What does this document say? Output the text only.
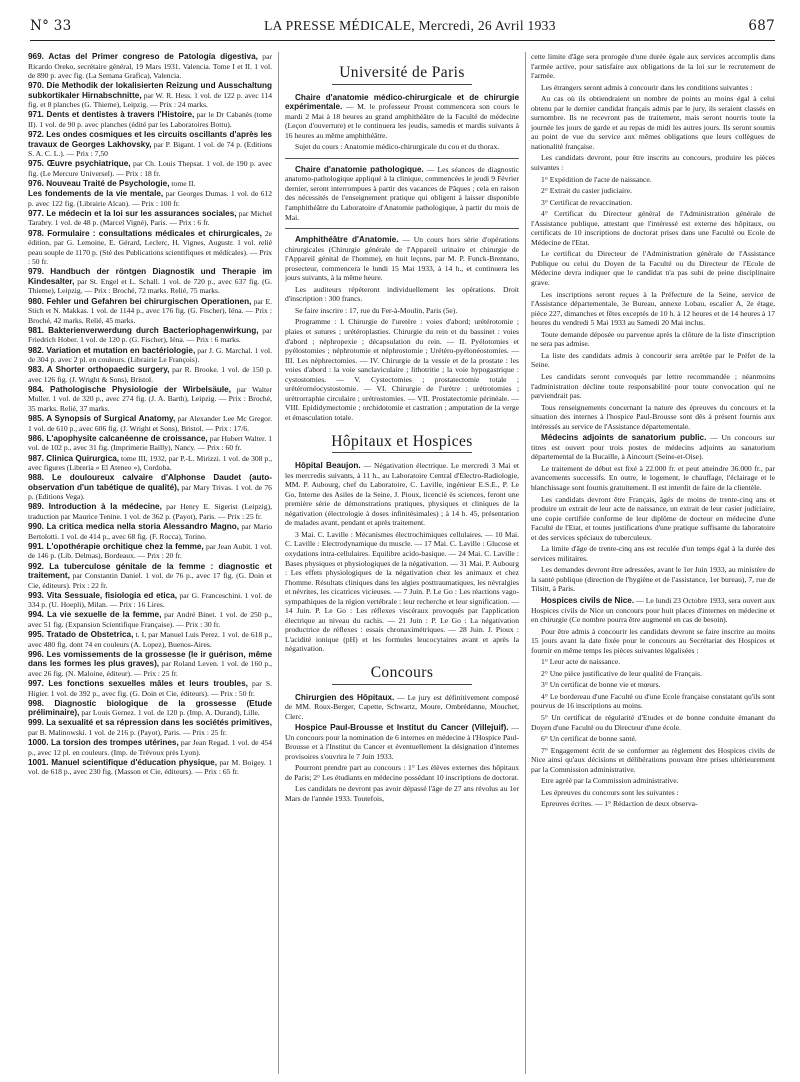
N° 33	LA PRESSE MÉDICALE, Mercredi, 26 Avril 1933	687
969. Actas del Primer congreso de Patología digestiva, par Ricardo Oreko, secrétaire général, 19 Mars 1931. Valencia. Tome I et II. 1 vol. de 890 p. avec fig. (La Semana Grafica), Valencia.
970. Die Methodik der lokalisierten Reizung und Ausschaltung subkortikaler Hirnabschnitte, par W. R. Hess. 1 vol. de 122 p. avec 114 fig. et 8 planches (G. Thieme), Leipzig. — Prix : 24 marks.
971. Dents et dentistes à travers l'Histoire, par le Dr Cabanès (tome II). 1 vol. de 90 p. avec planches (édité par les Laboratoires Bottu).
972. Les ondes cosmiques et les circuits oscillants d'après les travaux de Georges Lakhovsky, par P. Bigant. 1 vol. de 74 p. (Editions S. A. C. L.). — Prix : 7,50
975. Œuvre psychiatrique, par Ch. Louis Thepsat. 1 vol. de 190 p. avec fig. (Le Mercure Universel). — Prix : 18 fr.
976. Nouveau Traité de Psychologie, tome II.
Les fondements de la vie mentale, par Georges Dumas. 1 vol. de 612 p. avec 122 fig. (Librairie Alcan). — Prix : 100 fr.
977. Le médecin et la loi sur les assurances sociales, par Michel Tarabry. 1 vol. de 48 p. (Marcel Vigné), Paris. — Prix : 6 fr.
978. Formulaire : consultations médicales et chirurgicales, 2e édition, par G. Lemoine, E. Gérard, Leclerc, H. Vignes, Augustr. 1 vol. relié peau souple de 1170 p. (Sté des Publications scientifiques et médicales). — Prix : 50 fr.
979. Handbuch der röntgen Diagnostik und Therapie im Kindesalter, par St. Engel et L. Schall. 1 vol. de 720 p., avec 637 fig. (G. Thieme), Leipzig. — Prix : Broché, 72 marks. Relié, 75 marks.
980. Fehler und Gefahren bei chirurgischen Operationen, par E. Stich et N. Makkas. 1 vol. de 1144 p., avec 176 fig. (G. Fischer), Iéna. — Prix : Broché, 42 marks. Relié, 45 marks.
981. Bakterienverwerdung durch Bacteriophagenwirkung, par Friedrich Hober. 1 vol. de 120 p. (G. Fischer), Iéna. — Prix : 6 marks.
982. Variation et mutation en bactériologie, par J. G. Marchal. 1 vol. de 304 p. avec 2 pl. en couleurs. (Librairie Le François).
983. A Shorter orthopaedic surgery, par R. Brooke. 1 vol. de 150 p. avec 126 fig. (J. Wright & Sons), Bristol.
984. Pathologische Physiologie der Wirbelsäule, par Walter Muller. 1 vol. de 320 p., avec 274 fig. (J. A. Barth), Leipzig. — Prix : Broché, 35 marks. Relié, 37 marks.
985. A Synopsis of Surgical Anatomy, par Alexander Lee Mc Gregor. 1 vol. de 610 p., avec 606 fig. (J. Wright et Sons), Bristol. — Prix : 17/6.
986. L'apophysite calcanéenne de croissance, par Hubert Walter. 1 vol. de 102 p., avec 31 fig. (Imprimerie Bailly), Nancy. — Prix : 60 fr.
987. Clinica Quirurgica, tome III, 1932, par P.-L. Mirizzi. 1 vol. de 308 p., avec figures (Librería « El Ateneo »), Cordoba.
988. Le douloureux calvaire d'Alphonse Daudet (auto-observation d'un tabétique de qualité), par Mary Trivas. 1 vol. de 76 p. (Editions Vega).
989. Introduction à la médecine, par Henry E. Sigerist (Leipzig), traduction par Maurice Tenine. 1 vol. de 362 p. (Payot), Paris. — Prix : 25 fr.
990. La critica medica nella storia Alessandro Magno, par Mario Bertolotti. 1 vol. de 414 p., avec 68 fig. (F. Rocca), Torino.
991. L'opothérapie orchitique chez la femme, par Jean Aubit. 1 vol. de 146 p. (Lib. Delmas), Bordeaux. — Prix : 20 fr.
992. La tuberculose génitale de la femme : diagnostic et traitement, par Constantin Daniel. 1 vol. de 76 p., avec 17 fig. (G. Doin et Cie, éditeurs). Prix : 22 fr.
993. Vita Sessuale, fisiologia ed etica, par G. Franceschini. 1 vol. de 334 p. (U. Hoepli), Milan. — Prix : 16 Lires.
994. La vie sexuelle de la femme, par André Binet. 1 vol. de 250 p., avec 51 fig. (Expansion Scientifique Française). — Prix : 30 fr.
995. Tratado de Obstetrica, t. I, par Manuel Luis Perez. 1 vol. de 618 p., avec 480 fig. dont 74 en couleurs (A. Lopez), Buenos-Aires.
996. Les vomissements de la grossesse (le ir guérison, même dans les formes les plus graves), par Roland Leven. 1 vol. de 160 p., avec 26 fig. (N. Maloine, éditeur). — Prix : 25 fr.
997. Les fonctions sexuelles mâles et leurs troubles, par S. Higier. 1 vol. de 392 p., avec fig. (G. Doin et Cie, éditeurs). — Prix : 50 fr.
998. Diagnostic biologique de la grossesse (Etude préliminaire), par Louis Gernez. 1 vol. de 120 p. (Imp. A. Durand), Lille.
999. La sexualité et sa répression dans les sociétés primitives, par B. Malinowski. 1 vol. de 216 p. (Payot), Paris. — Prix : 25 fr.
1000. La torsion des trompes utérines, par Jean Regad. 1 vol. de 454 p., avec 12 pl. en couleurs. (Imp. de Trévoux près Lyon).
1001. Manuel scientifique d'éducation physique, par M. Boigey. 1 vol. de 618 p., avec 230 fig. (Masson et Cie, éditeurs). — Prix : 65 fr.
Université de Paris
Chaire d'anatomie médico-chirurgicale et de chirurgie expérimentale. — M. le professeur Proust commencera son cours le mardi 2 Mai à 18 heures au grand amphithéâtre de la Faculté de médecine (Leçon d'ouverture) et le continuera les jeudis, samedis et mardis suivants à 16 heures au même amphithéâtre.
Sujet du cours : Anatomie médico-chirurgicale du cou et du thorax.
Chaire d'anatomie pathologique. — Les séances de diagnostic anatomo-pathologique appliqué à la clinique, commencées le jeudi 9 Février dernier, seront interrompues à partir des vacances de Pâques ; cela en raison des nécessités de l'enseignement pratique qui obligent à laisser disponible l'amphithéâtre du Laboratoire d'Anatomie pathologique, à partir du mois de Mai.
Amphithéâtre d'Anatomie. — Un cours hors série d'opérations chirurgicales (Chirurgie générale de l'Appareil urinaire et chirurgie de l'Appareil génital de l'homme), en huit leçons, par M. P. Funck-Brentano, prosecteur, commencera le lundi 15 Mai 1933, à 14 h., et continuera les jours suivants, à la même heure.
Les auditeurs répéteront individuellement les opérations. Droit d'inscription : 300 francs.
Se faire inscrire : 17, rue du Fer-à-Moulin, Paris (5e).
Programme : I. Chirurgie de l'uretère : voies d'abord; urétérotomie ; plaies et sutures ; urétéroplasties. Chirurgie du rein et du bassinet : voies d'abord ; néphropexie ; décapsulation du rein. — II. Pyélotomies et pyélostomies ; néphrotomie et néphrostomie ; Urétéro-pyélonéostomies. — III. Les néphrectomies. — IV. Chirurgie de la vessie et de la prostate : les voies d'abord : la voie sanclaviculaire ; lithotritie ; la voie hypogastrique : cystostomies. — V. Cystectomies ; prostatectomie totale ; urétérornéocystostomie. — VI. Chirurgie de l'urètre : urétrotomies ; urétrorraphie circulaire ; urétrostomies. — VII. Prostatectomie périnéale. — VIII. Epididymectomie ; orchidotomie et castration ; amputation de la verge et émasculation totale.
Hôpitaux et Hospices
Hôpital Beaujon. — Négativation électrique. Le mercredi 3 Mai et les mercredis suivants, à 11 h., au Laboratoire Central d'Electro-Radiologie, MM. P. Aubourg, chef du Laboratoire, C. Laville, ingénieur E.S.E., P. Le Go, Interne des Asiles de la Seine, J. Pioux, licencié ès sciences, feront une première série de démonstrations pratiques, physiques et cliniques de la négativation (électrologie à doses infinitésimales) ; à 14 h. 45, présentation de malades avant, pendant et après traitement.
3 Mai. C. Laville : Mécanismes électrochimiques cellulaires. — 10 Mai. C. Laville : Electrodynamique du muscle. — 17 Mai. C. Laville : Glucose et oxydations intra-cellulaires. Equilibre acido-basique. — 24 Mai. C. Laville : Bases physiques et physiologiques de la négativation. — 31 Mai. P. Aubourg : Les effets physiologiques de la négativation chez les animaux et chez l'homme. Résultats cliniques dans les algies posttraumatiques, les névralgies et névrites, les cicatrices vicieuses. — 7 Juin. P. Le Go : Les réactions vago-sympathiques de la région vertébrale : leur recherche et leur signification. — 14 Juin. P. Le Go : Les réflexes viscéraux provoqués par l'application électrique au niveau du rachis. — 21 Juin : P. Le Go : La négativation productrice de réflexes : essais chronaximétriques. — 28 Juin. J. Pioux : L'acidité ionique (pH) et les formules leucocytaires avant et après la négativation.
Concours
Chirurgien des Hôpitaux. — Le jury est définitivement composé de MM. Roux-Berger, Capette, Schwartz, Moure, Ombrédanne, Mouchet, Clerc.
Hospice Paul-Brousse et Institut du Cancer (Villejuif). — Un concours pour la nomination de 6 internes en médecine à l'Hospice Paul-Brousse et à l'Institut du Cancer et éventuellement la désignation d'internes provisoires s'ouvrira le 7 Juin 1933.
Pourront prendre part au concours : 1° Les élèves externes des hôpitaux de Paris; 2° Les étudiants en médecine possédant 10 inscriptions de doctorat.
Les candidats ne devront pas avoir dépassé l'âge de 27 ans révolus au 1er Mars de l'année 1933. Toutefois,
cette limite d'âge sera prorogée d'une durée égale aux services accomplis dans l'armée active, pour satisfaire aux obligations de la loi sur le recrutement de l'armée.
Les étrangers seront admis à concourir dans les conditions suivantes :
Au cas où ils obtiendraient un nombre de points au moins égal à celui obtenu par le dernier candidat français admis par le jury, ils seraient classés en surnombre. Ils ne recevront pas de traitement, mais seront nourris toute la journée les jours de garde et au repas de midi les autres jours. Ils seront soumis au point de vue du service aux mêmes obligations que leurs collègues de nationalité française.
Les candidats devront, pour être inscrits au concours, produire les pièces suivantes :
1° Expédition de l'acte de naissance.
2° Extrait du casier judiciaire.
3° Certificat de revaccination.
4° Certificat du Directeur général de l'Administration générale de l'Assistance publique, attestant que l'intéressé est externe des hôpitaux, ou certificats de 10 inscriptions de doctorat prises dans une Faculté ou Ecole de Médecine de l'Etat.
Le certificat du Directeur de l'Administration générale de l'Assistance Publique ou celui du Doyen de la Faculté ou du Directeur de l'Ecole de Médecine devra indiquer que le candidat n'a pas subi de peine disciplinaire grave.
Les inscriptions seront reçues à la Préfecture de la Seine, service de l'Assistance départementale, 3e Bureau, annexe Lobau, escalier A, 2e étage, pièce 227, dimanches et fêtes exceptés de 10 h. à 12 heures et de 14 heures à 17 heures du vendredi 5 Mai 1933 au Samedi 20 Mai inclus.
Toute demande déposée ou parvenue après la clôture de la liste d'inscription ne sera pas admise.
La liste des candidats admis à concourir sera arrêtée par le Préfet de la Seine.
Les candidats seront convoqués par lettre recommandée ; néanmoins l'administration décline toute responsabilité pour toute convocation qui ne parviendrait pas.
Tous renseignements concernant la nature des épreuves du concours et la situation des internes à l'hospice Paul-Brousse sont dès à présent fournis aux intéressés au service de l'Assistance départementale.
Médecins adjoints de sanatorium public. — Un concours sur titres est ouvert pour trois postes de médecins adjoints au sanatorium départemental de la Bucaille, à Aincourt (Seine-et-Oise).
Le traitement de début est fixé à 22.000 fr. et peut atteindre 36.000 fr., par avancements successifs. En outre, le logement, le chauffage, l'éclairage et le blanchissage sont fournis gratuitement. Il est interdit de faire de la clientèle.
Les candidats devront être Français, âgés de moins de trente-cinq ans et produire un extrait de leur acte de naissance, un extrait de leur casier judiciaire, une copie certifiée conforme de leur diplôme de docteur en médecine d'une Faculté de l'Etat, et toutes justifications d'une pratique suffisante du laboratoire et des services spéciaux de tuberculeux.
La limite d'âge de trente-cinq ans est reculée d'un temps égal à la durée des services militaires.
Les demandes devront être adressées, avant le 1er Juin 1933, au ministère de la santé publique (direction de l'hygiène et de l'assistance, 1er bureau), 7, rue de Tilsitt, à Paris.
Hospices civils de Nice. — Le lundi 23 Octobre 1933, sera ouvert aux Hospices civils de Nice un concours pour huit places d'internes en médecine et en chirurgie (Ce nombre pourra être augmenté en cas de besoin).
Pour être admis à concourir les candidats devront se faire inscrire au moins 15 jours avant la date fixée pour le concours au Secrétariat des Hospices et fournir en même temps les pièces suivantes légalisées :
1° Leur acte de naissance.
2° Une pièce justificative de leur qualité de Français.
3° Un certificat de bonne vie et mœurs.
4° Le bordereau d'une Faculté ou d'une Ecole française constatant qu'ils sont pourvus de 16 inscriptions au moins.
5° Un certificat de régularité d'Etudes et de bonne conduite émanant du Doyen d'une Faculté ou du Directeur d'une école.
6° Un certificat de bonne santé.
7° Engagement écrit de se conformer au règlement des Hospices civils de Nice ainsi qu'aux décisions et délibérations pouvant être prises ultérieurement par la Commission administrative.
Etre agréé par la Commission administrative.
Les épreuves du concours sont les suivantes :
Epreuves écrites. — 1° Rédaction de deux observa-
